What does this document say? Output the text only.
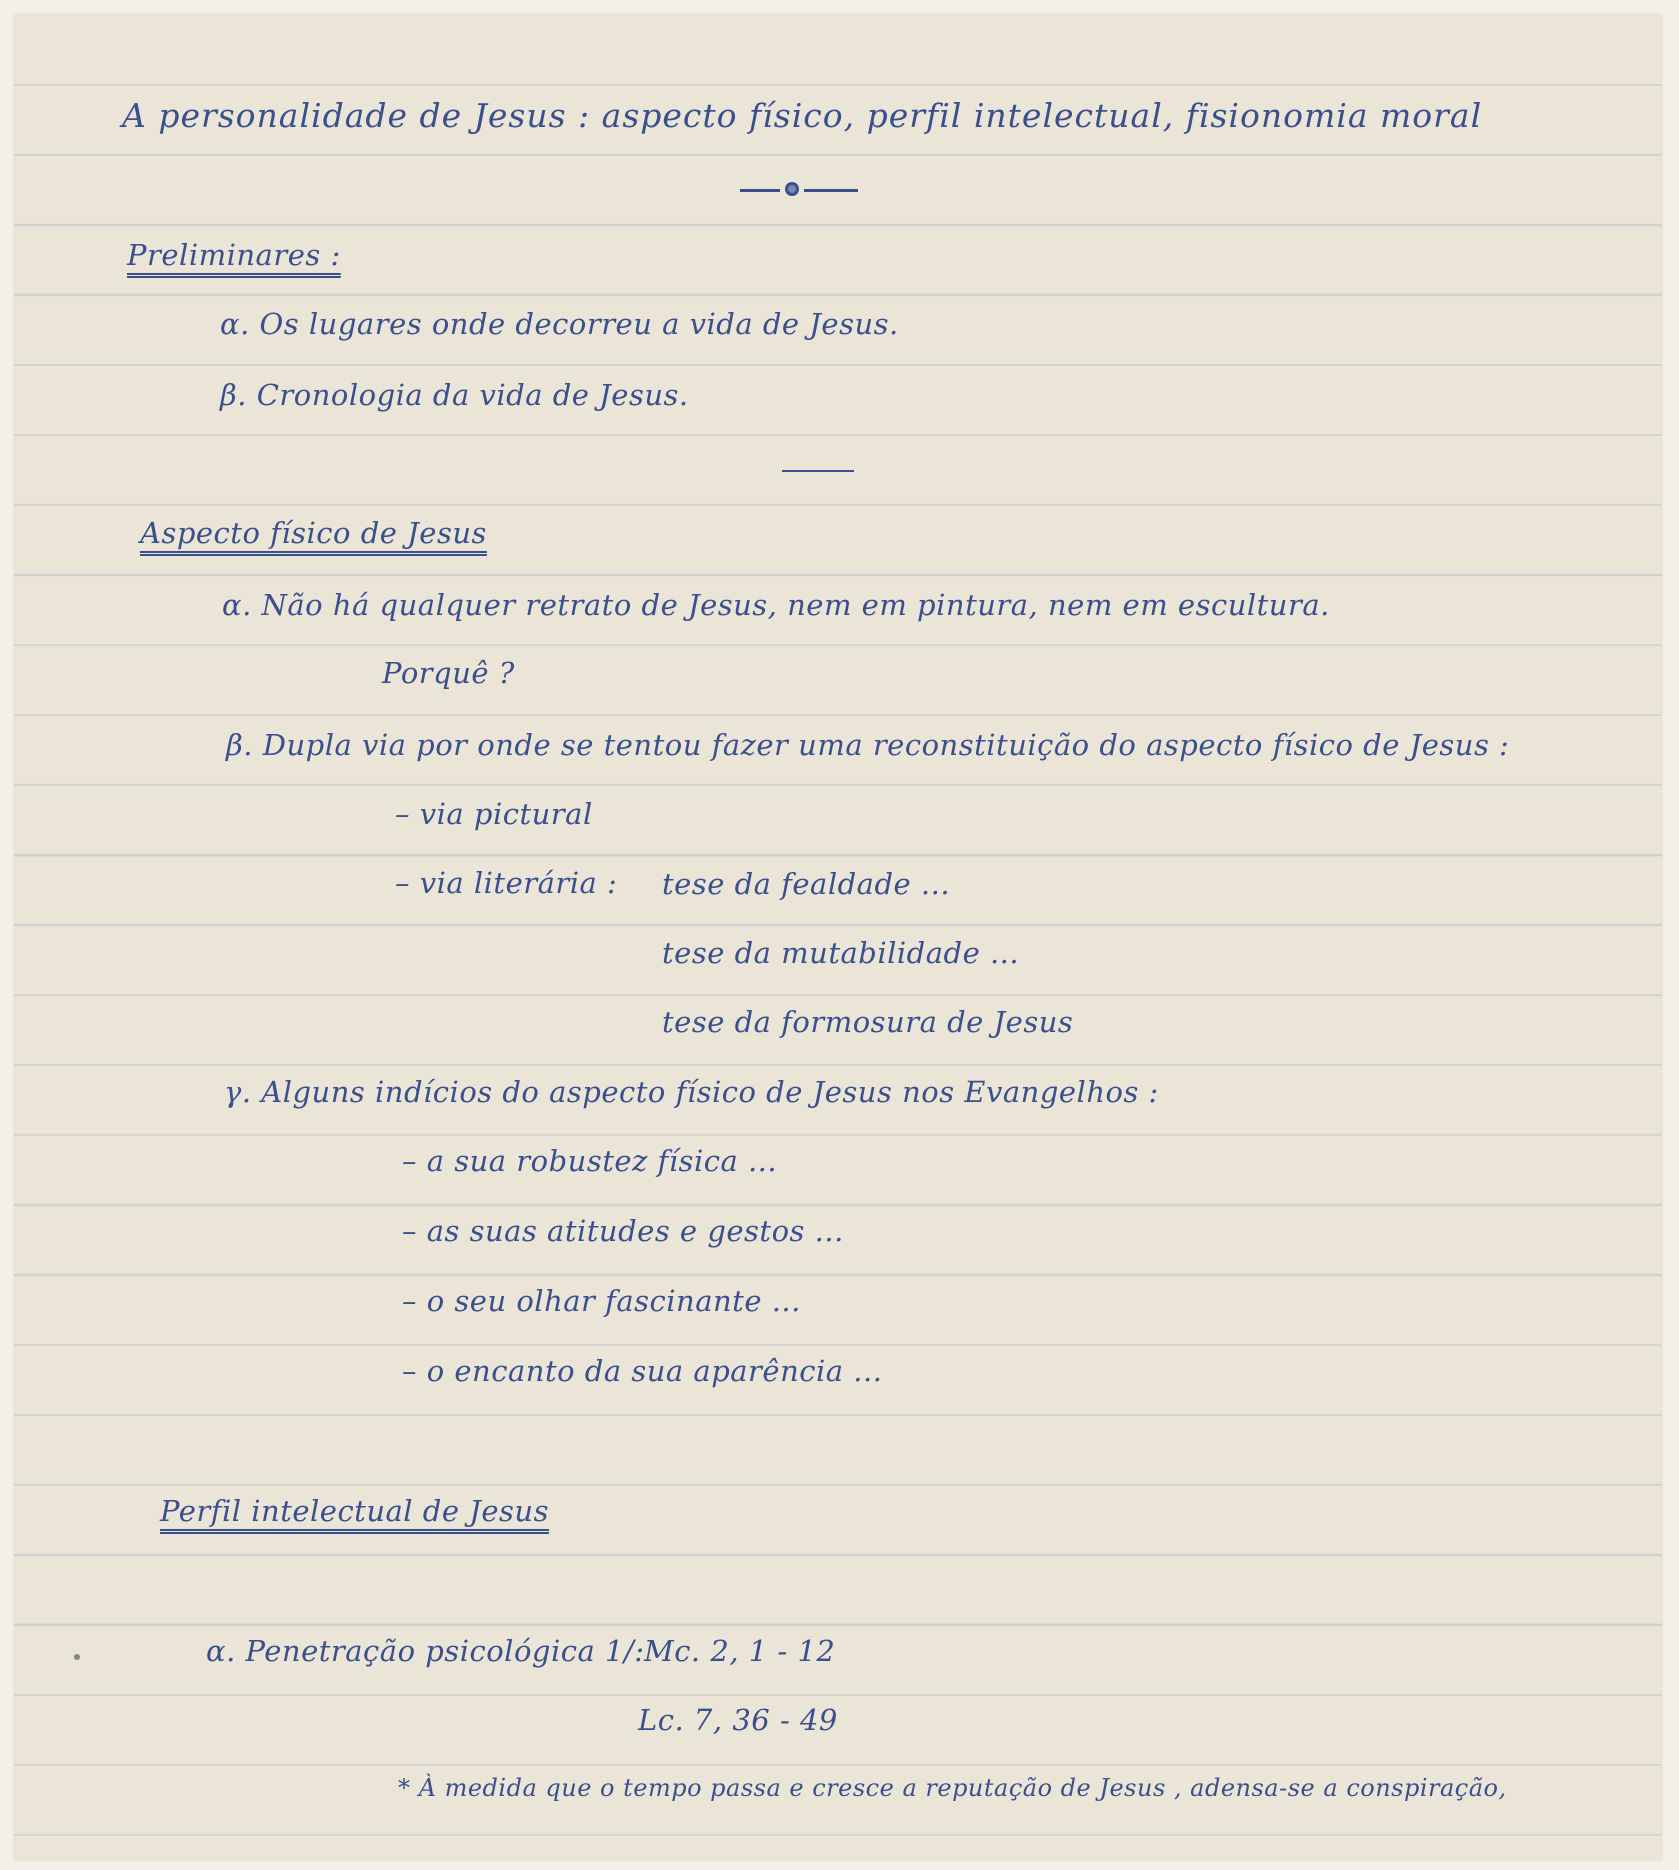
A personalidade de Jesus : aspecto físico, perfil intelectual, fisionomia moral
Preliminares :
α. Os lugares onde decorreu a vida de Jesus.
β. Cronologia da vida de Jesus.
Aspecto físico de Jesus
α. Não há qualquer retrato de Jesus, nem em pintura, nem em escultura.
Porquê ?
β. Dupla via por onde se tentou fazer uma reconstituição do aspecto físico de Jesus :
– via pictural
– via literária : tese da fealdade ...
tese da mutabilidade ...
tese da formosura de Jesus
γ. Alguns indícios do aspecto físico de Jesus nos Evangelhos :
– a sua robustez física ...
– as suas atitudes e gestos ...
– o seu olhar fascinante ...
– o encanto da sua aparência ...
Perfil intelectual de Jesus
α. Penetração psicológica 1/: Mc. 2, 1 - 12
Lc. 7, 36 - 49
* À medida que o tempo passa e cresce a reputação de Jesus , adensa-se a conspiração,
